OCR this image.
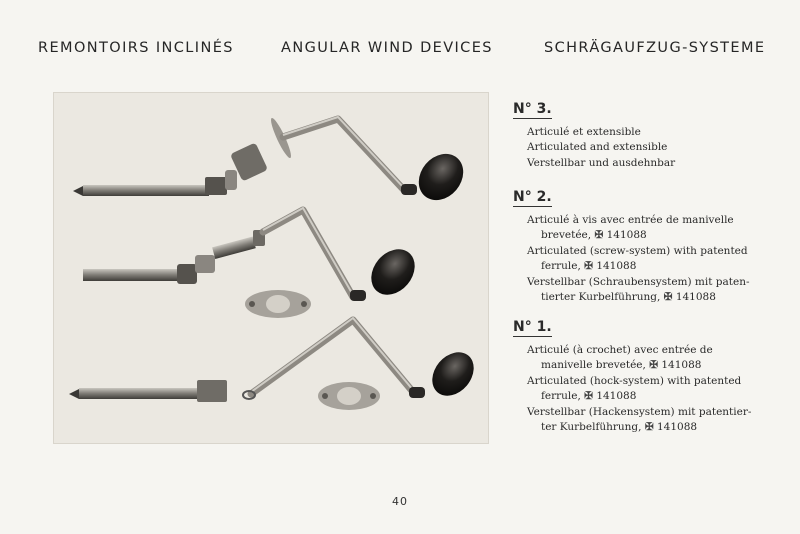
REMONTOIRS INCLINÉS	ANGULAR WIND DEVICES	SCHRÄGAUFZUG-SYSTEME
N° 3.
Articulé et extensible
Articulated and extensible
Verstellbar und ausdehnbar
N° 2.
Articulé à vis avec entrée de manivelle
brevetée, ✠ 141088
Articulated (screw-system) with patented
ferrule, ✠ 141088
Verstellbar (Schraubensystem) mit paten-
tierter Kurbelführung, ✠ 141088
N° 1.
Articulé (à crochet) avec entrée de
manivelle brevetée, ✠ 141088
Articulated (hock-system) with patented
ferrule, ✠ 141088
Verstellbar (Hackensystem) mit patentier-
ter Kurbelführung, ✠ 141088
40
